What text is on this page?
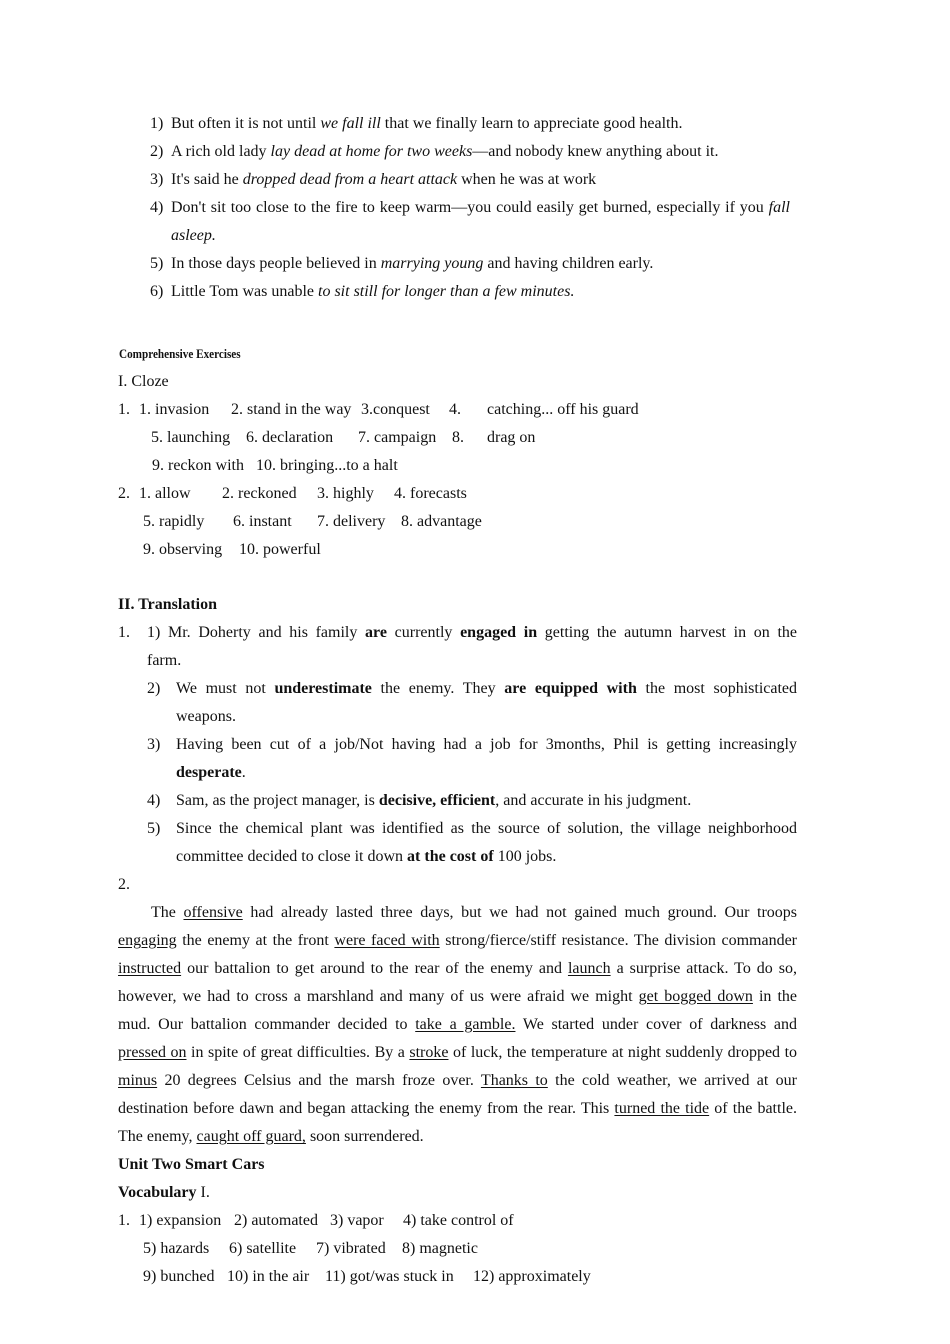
1) But often it is not until we fall ill that we finally learn to appreciate good health.
2) A rich old lady lay dead at home for two weeks—and nobody knew anything about it.
3) It's said he dropped dead from a heart attack when he was at work
4) Don't sit too close to the fire to keep warm—you could easily get burned, especially if you fall
asleep.
5) In those days people believed in marrying young and having children early.
6) Little Tom was unable to sit still for longer than a few minutes.
Comprehensive Exercises
I. Cloze
1. 1. invasion 2. stand in the way 3.conquest 4. catching... off his guard
5. launching 6. declaration 7. campaign 8. drag on
9. reckon with 10. bringing...to a halt
2. 1. allow 2. reckoned 3. highly 4. forecasts
5. rapidly 6. instant 7. delivery 8. advantage
9. observing 10. powerful
II. Translation
1. 1) Mr. Doherty and his family are currently engaged in getting the autumn harvest in on the
farm.
2) We must not underestimate the enemy. They are equipped with the most sophisticated
weapons.
3) Having been cut of a job/Not having had a job for 3months, Phil is getting increasingly
desperate.
4) Sam, as the project manager, is decisive, efficient, and accurate in his judgment.
5) Since the chemical plant was identified as the source of solution, the village neighborhood
committee decided to close it down at the cost of 100 jobs.
2.
The offensive had already lasted three days, but we had not gained much ground. Our troops
engaging the enemy at the front were faced with strong/fierce/stiff resistance. The division commander
instructed our battalion to get around to the rear of the enemy and launch a surprise attack. To do so,
however, we had to cross a marshland and many of us were afraid we might get bogged down in the
mud. Our battalion commander decided to take a gamble. We started under cover of darkness and
pressed on in spite of great difficulties. By a stroke of luck, the temperature at night suddenly dropped to
minus 20 degrees Celsius and the marsh froze over. Thanks to the cold weather, we arrived at our
destination before dawn and began attacking the enemy from the rear. This turned the tide of the battle.
The enemy, caught off guard, soon surrendered.
Unit Two Smart Cars
Vocabulary I.
1. 1) expansion 2) automated 3) vapor 4) take control of
5) hazards 6) satellite 7) vibrated 8) magnetic
9) bunched 10) in the air 11) got/was stuck in 12) approximately
